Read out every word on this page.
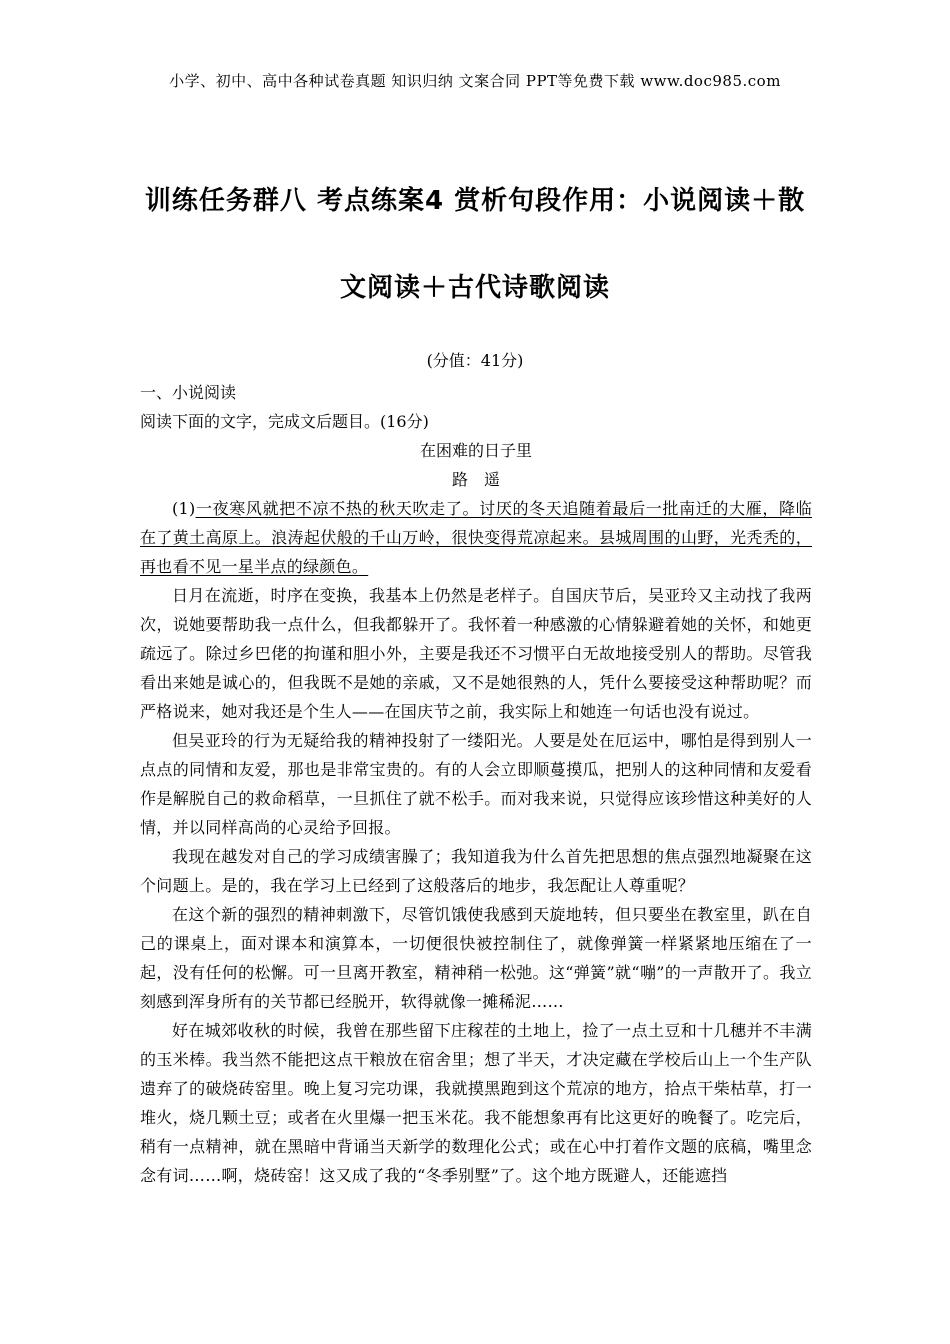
小学、初中、高中各种试卷真题 知识归纳 文案合同 PPT等免费下载 www.doc985.com
训练任务群八 考点练案4 赏析句段作用：小说阅读＋散
文阅读＋古代诗歌阅读
(分值：41分)

一、小说阅读

阅读下面的文字，完成文后题目。(16分)

在困难的日子里

路　遥

(1)一夜寒风就把不凉不热的秋天吹走了。讨厌的冬天追随着最后一批南迁的大雁，降临在了黄土高原上。浪涛起伏般的千山万岭，很快变得荒凉起来。县城周围的山野，光秃秃的，再也看不见一星半点的绿颜色。

日月在流逝，时序在变换，我基本上仍然是老样子。自国庆节后，吴亚玲又主动找了我两次，说她要帮助我一点什么，但我都躲开了。我怀着一种感激的心情躲避着她的关怀，和她更疏远了。除过乡巴佬的拘谨和胆小外，主要是我还不习惯平白无故地接受别人的帮助。尽管我看出来她是诚心的，但我既不是她的亲戚，又不是她很熟的人，凭什么要接受这种帮助呢？而严格说来，她对我还是个生人——在国庆节之前，我实际上和她连一句话也没有说过。

但吴亚玲的行为无疑给我的精神投射了一缕阳光。人要是处在厄运中，哪怕是得到别人一点点的同情和友爱，那也是非常宝贵的。有的人会立即顺蔓摸瓜，把别人的这种同情和友爱看作是解脱自己的救命稻草，一旦抓住了就不松手。而对我来说，只觉得应该珍惜这种美好的人情，并以同样高尚的心灵给予回报。

我现在越发对自己的学习成绩害臊了；我知道我为什么首先把思想的焦点强烈地凝聚在这个问题上。是的，我在学习上已经到了这般落后的地步，我怎配让人尊重呢？

在这个新的强烈的精神刺激下，尽管饥饿使我感到天旋地转，但只要坐在教室里，趴在自己的课桌上，面对课本和演算本，一切便很快被控制住了，就像弹簧一样紧紧地压缩在了一起，没有任何的松懈。可一旦离开教室，精神稍一松弛。这“弹簧”就“嘣”的一声散开了。我立刻感到浑身所有的关节都已经脱开，软得就像一摊稀泥……

好在城郊收秋的时候，我曾在那些留下庄稼茬的土地上，捡了一点土豆和十几穗并不丰满的玉米棒。我当然不能把这点干粮放在宿舍里；想了半天，才决定藏在学校后山上一个生产队遗弃了的破烧砖窑里。晚上复习完功课，我就摸黑跑到这个荒凉的地方，拾点干柴枯草，打一堆火，烧几颗土豆；或者在火里爆一把玉米花。我不能想象再有比这更好的晚餐了。吃完后，稍有一点精神，就在黑暗中背诵当天新学的数理化公式；或在心中打着作文题的底稿，嘴里念念有词……啊，烧砖窑！这又成了我的“冬季别墅”了。这个地方既避人，还能遮挡
